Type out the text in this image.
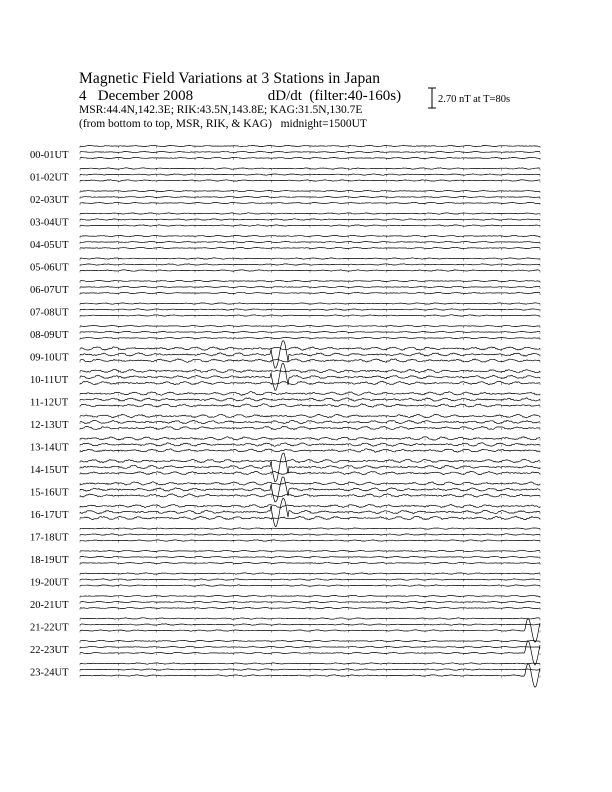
Magnetic Field Variations at 3 Stations in Japan
4 December 2008	dD/dt (filter:40-160s)
MSR:44.4N,142.3E; RIK:43.5N,143.8E; KAG:31.5N,130.7E
(from bottom to top, MSR, RIK, & KAG) midnight=1500UT
2.70 nT at T=80s
00-01UT
01-02UT
02-03UT
03-04UT
04-05UT
05-06UT
06-07UT
07-08UT
08-09UT
09-10UT
10-11UT
11-12UT
12-13UT
13-14UT
14-15UT
15-16UT
16-17UT
17-18UT
18-19UT
19-20UT
20-21UT
21-22UT
22-23UT
23-24UT
